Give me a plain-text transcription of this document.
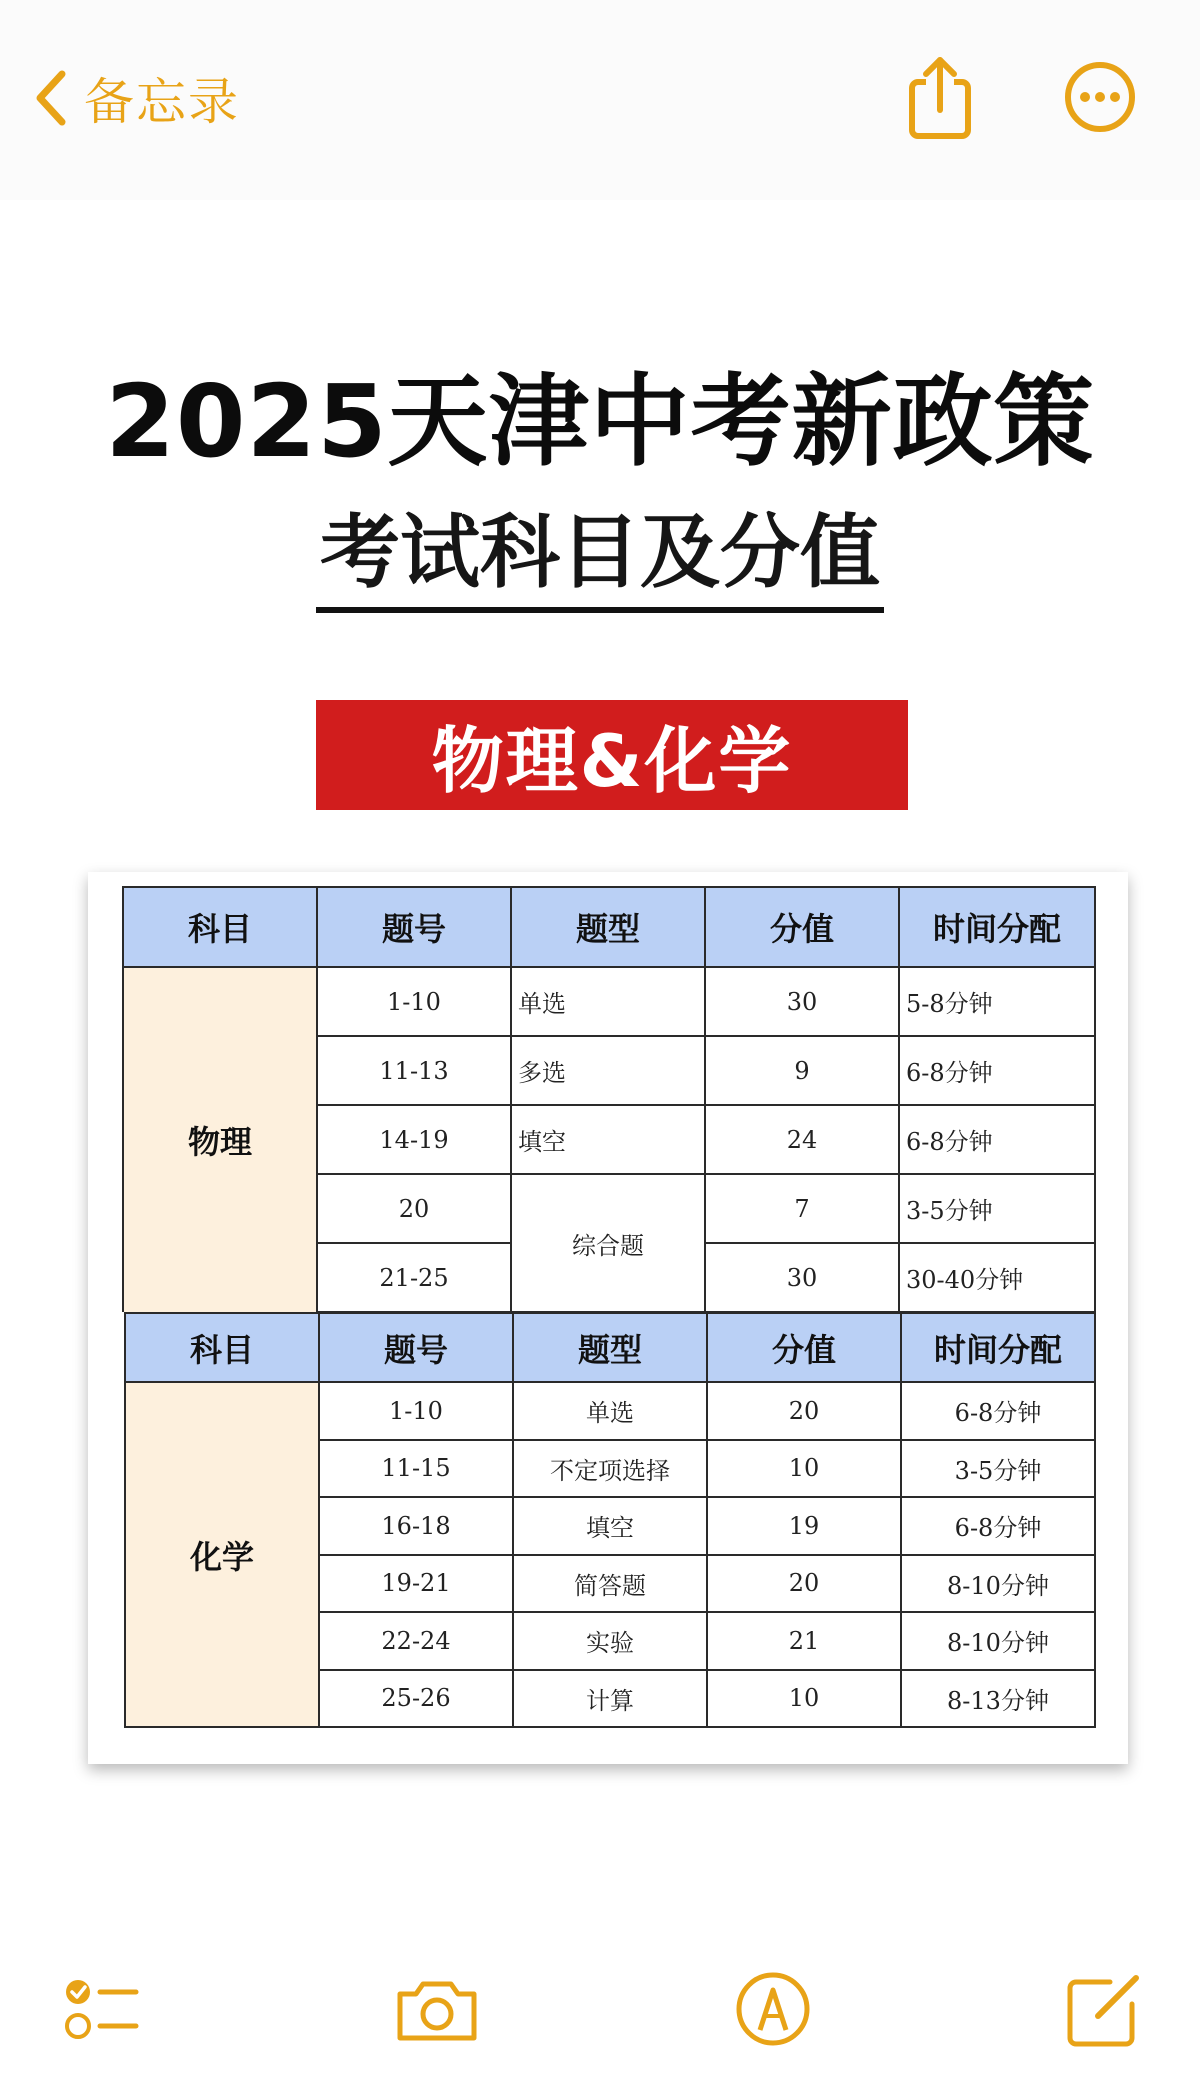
备忘录
2025天津中考新政策
考试科目及分值
物理&化学
科目	题号	题型	分值	时间分配
物理	1-10	单选	30	5-8分钟
	11-13	多选	9	6-8分钟
	14-19	填空	24	6-8分钟
	20	综合题	7	3-5分钟
	21-25		30	30-40分钟
科目	题号	题型	分值	时间分配
化学	1-10	单选	20	6-8分钟
	11-15	不定项选择	10	3-5分钟
	16-18	填空	19	6-8分钟
	19-21	简答题	20	8-10分钟
	22-24	实验	21	8-10分钟
	25-26	计算	10	8-13分钟
